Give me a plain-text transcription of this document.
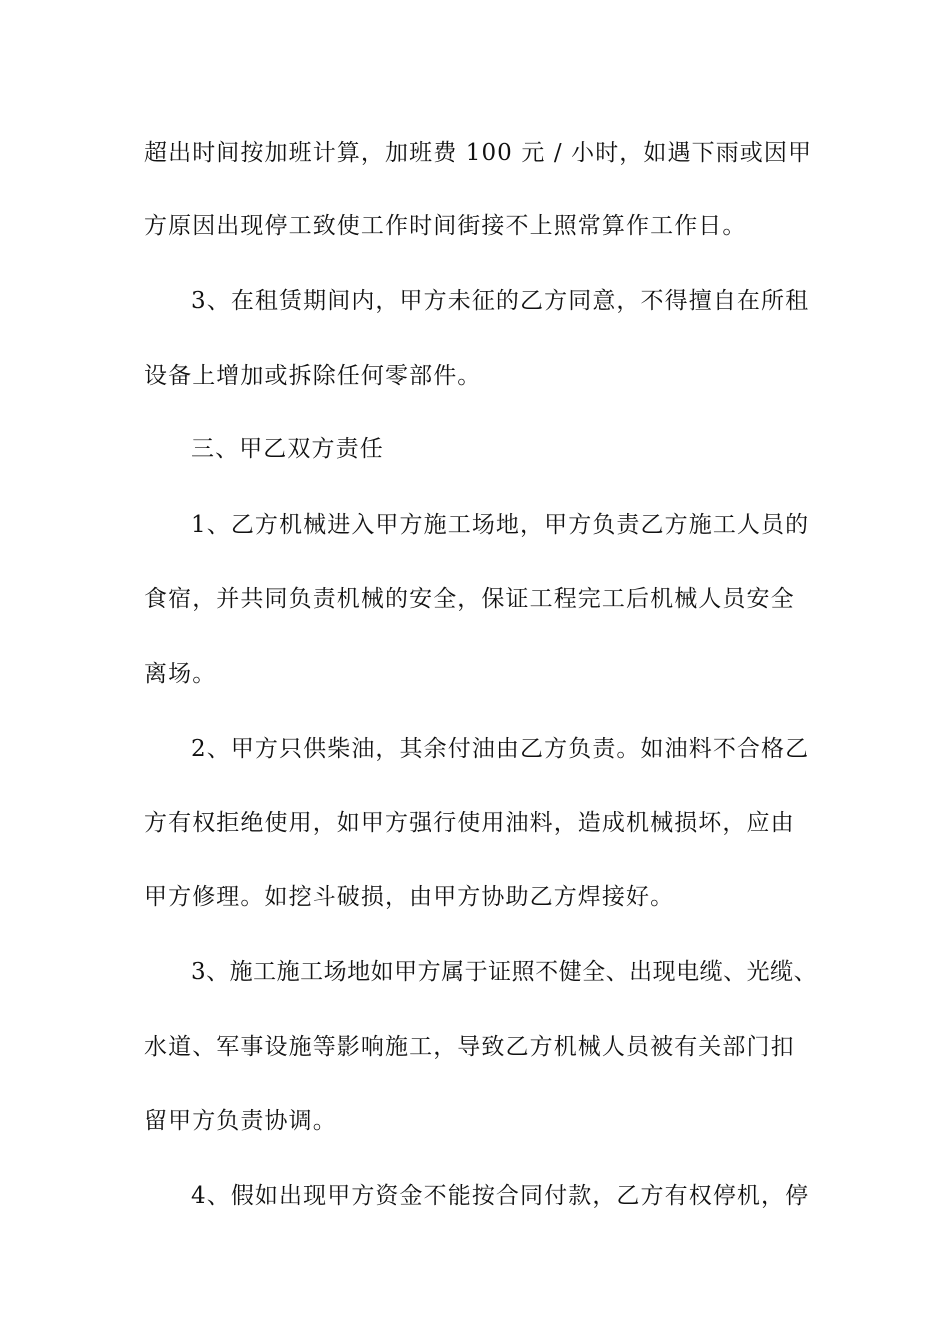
超出时间按加班计算，加班费 100 元 / 小时，如遇下雨或因甲

方原因出现停工致使工作时间街接不上照常算作工作日。

3、在租赁期间内，甲方未征的乙方同意，不得擅自在所租

设备上增加或拆除任何零部件。

三、甲乙双方责任

1、乙方机械进入甲方施工场地，甲方负责乙方施工人员的

食宿，并共同负责机械的安全，保证工程完工后机械人员安全

离场。

2、甲方只供柴油，其余付油由乙方负责。如油料不合格乙

方有权拒绝使用，如甲方强行使用油料，造成机械损坏，应由

甲方修理。如挖斗破损，由甲方协助乙方焊接好。

3、施工施工场地如甲方属于证照不健全、出现电缆、光缆、

水道、军事设施等影响施工，导致乙方机械人员被有关部门扣

留甲方负责协调。

4、假如出现甲方资金不能按合同付款，乙方有权停机，停
